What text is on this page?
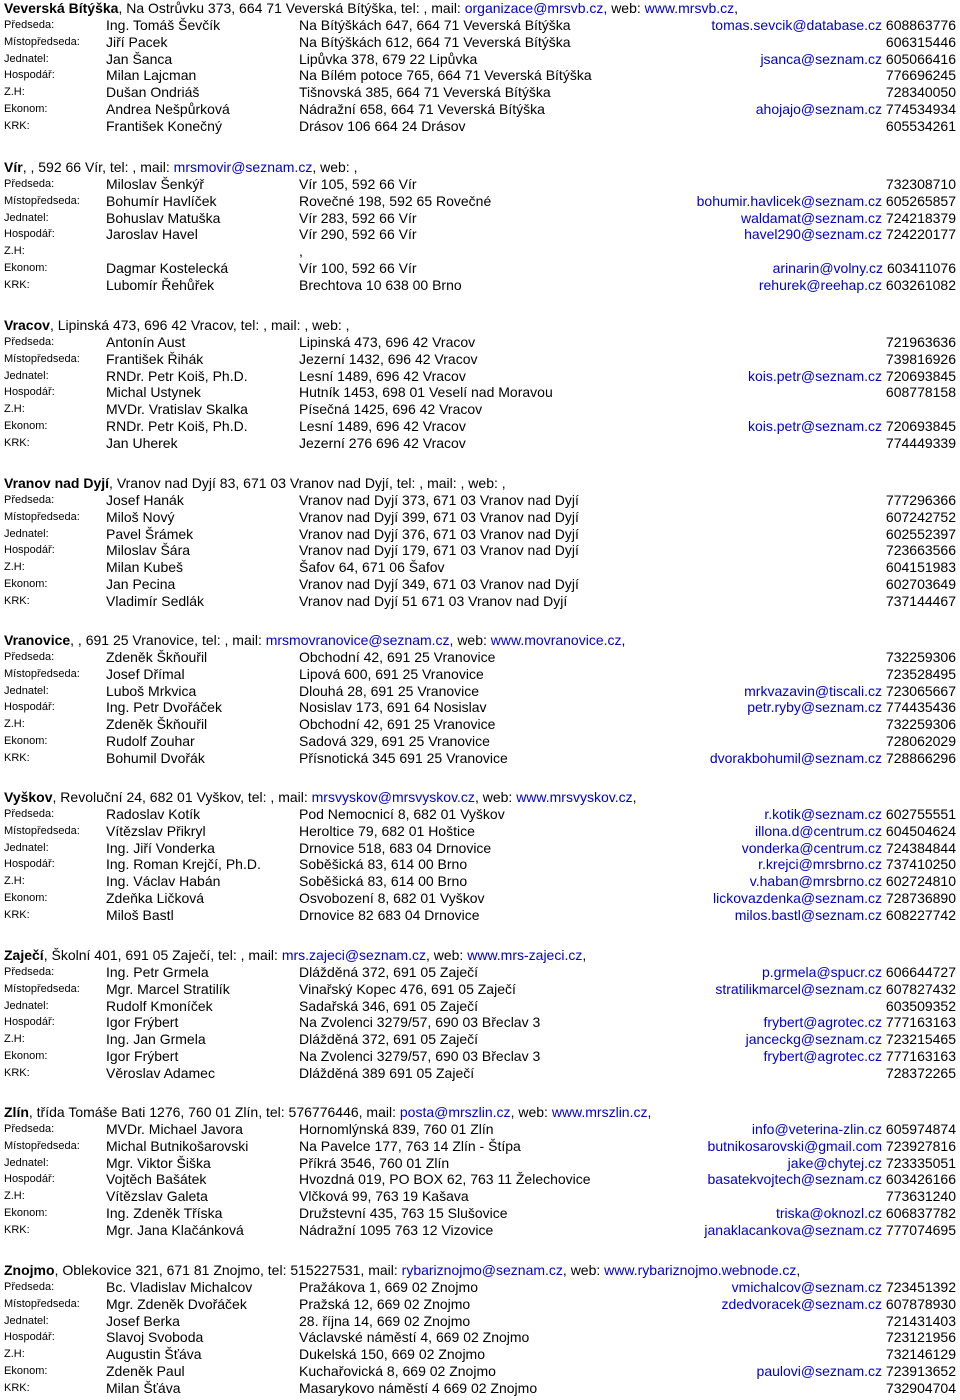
Veverská Bítýška, Na Ostrůvku 373, 664 71 Veverská Bítýška, tel: , mail: organizace@mrsvb.cz, web: www.mrsvb.cz,
Předseda:	Ing. Tomáš Ševčík	Na Bítýškách 647, 664 71 Veverská Bítýška	tomas.sevcik@database.cz 608863776
Místopředseda: Jiří Pacek	Na Bítýškách 612, 664 71 Veverská Bítýška	606315446
Jednatel:	Jan Šanca	Lipůvka 378, 679 22 Lipůvka	jsanca@seznam.cz 605066416
Hospodář:	Milan Lajcman	Na Bílém potoce 765, 664 71 Veverská Bítýška	776696245
Z.H:	Dušan Ondriáš	Tišnovská 385, 664 71 Veverská Bítýška	728340050
Ekonom:	Andrea Nešpůrková	Nádražní 658, 664 71 Veverská Bítýška	ahojajo@seznam.cz 774534934
KRK:	František Konečný	Drásov 106 664 24 Drásov	605534261
Vír, , 592 66 Vír, tel: , mail: mrsmovir@seznam.cz, web: ,
Předseda:	Miloslav Šenkýř	Vír 105, 592 66 Vír	732308710
Místopředseda: Bohumír Havlíček	Rovečné 198, 592 65 Rovečné	bohumir.havlicek@seznam.cz 605265857
Jednatel:	Bohuslav Matuška	Vír 283, 592 66 Vír	waldamat@seznam.cz 724218379
Hospodář:	Jaroslav Havel	Vír 290, 592 66 Vír	havel290@seznam.cz 724220177
Z.H:	,
Ekonom:	Dagmar Kostelecká	Vír 100, 592 66 Vír	arinarin@volny.cz 603411076
KRK:	Lubomír Řehůřek	Brechtova 10 638 00 Brno	rehurek@reehap.cz 603261082
Vracov, Lipinská 473, 696 42 Vracov, tel: , mail: , web: ,
Předseda:	Antonín Aust	Lipinská 473, 696 42 Vracov	721963636
Místopředseda: František Řihák	Jezerní 1432, 696 42 Vracov	739816926
Jednatel:	RNDr. Petr Koiš, Ph.D.	Lesní 1489, 696 42 Vracov	kois.petr@seznam.cz 720693845
Hospodář:	Michal Ustynek	Hutník 1453, 698 01 Veselí nad Moravou	608778158
Z.H:	MVDr. Vratislav Skalka	Písečná 1425, 696 42 Vracov
Ekonom:	RNDr. Petr Koiš, Ph.D.	Lesní 1489, 696 42 Vracov	kois.petr@seznam.cz 720693845
KRK:	Jan Uherek	Jezerní 276 696 42 Vracov	774449339
Vranov nad Dyjí, Vranov nad Dyjí 83, 671 03 Vranov nad Dyjí, tel: , mail: , web: ,
Předseda:	Josef Hanák	Vranov nad Dyjí 373, 671 03 Vranov nad Dyjí	777296366
Místopředseda: Miloš Nový	Vranov nad Dyjí 399, 671 03 Vranov nad Dyjí	607242752
Jednatel:	Pavel Šrámek	Vranov nad Dyjí 376, 671 03 Vranov nad Dyjí	602552397
Hospodář:	Miloslav Šára	Vranov nad Dyjí 179, 671 03 Vranov nad Dyjí	723663566
Z.H:	Milan Kubeš	Šafov 64, 671 06 Šafov	604151983
Ekonom:	Jan Pecina	Vranov nad Dyjí 349, 671 03 Vranov nad Dyjí	602703649
KRK:	Vladimír Sedlák	Vranov nad Dyjí 51 671 03 Vranov nad Dyjí	737144467
Vranovice, , 691 25 Vranovice, tel: , mail: mrsmovranovice@seznam.cz, web: www.movranovice.cz,
Předseda:	Zdeněk Škňouřil	Obchodní 42, 691 25 Vranovice	732259306
Místopředseda: Josef Dřímal	Lipová 600, 691 25 Vranovice	723528495
Jednatel:	Luboš Mrkvica	Dlouhá 28, 691 25 Vranovice	mrkvazavin@tiscali.cz 723065667
Hospodář:	Ing. Petr Dvořáček	Nosislav 173, 691 64 Nosislav	petr.ryby@seznam.cz 774435436
Z.H:	Zdeněk Škňouřil	Obchodní 42, 691 25 Vranovice	732259306
Ekonom:	Rudolf Zouhar	Sadová 329, 691 25 Vranovice	728062029
KRK:	Bohumil Dvořák	Přísnotická 345 691 25 Vranovice	dvorakbohumil@seznam.cz 728866296
Vyškov, Revoluční 24, 682 01 Vyškov, tel: , mail: mrsvyskov@mrsvyskov.cz, web: www.mrsvyskov.cz,
Předseda:	Radoslav Kotík	Pod Nemocnicí 8, 682 01 Vyškov	r.kotik@seznam.cz 602755551
Místopředseda: Vítězslav Přikryl	Heroltice 79, 682 01 Hoštice	illona.d@centrum.cz 604504624
Jednatel:	Ing. Jiří Vonderka	Drnovice 518, 683 04 Drnovice	vonderka@centrum.cz 724384844
Hospodář:	Ing. Roman Krejčí, Ph.D.	Soběšická 83, 614 00 Brno	r.krejci@mrsbrno.cz 737410250
Z.H:	Ing. Václav Habán	Soběšická 83, 614 00 Brno	v.haban@mrsbrno.cz 602724810
Ekonom:	Zdeňka Ličková	Osvobození 8, 682 01 Vyškov	lickovazdenka@seznam.cz 728736890
KRK:	Miloš Bastl	Drnovice 82 683 04 Drnovice	milos.bastl@seznam.cz 608227742
Zaječí, Školní 401, 691 05 Zaječí, tel: , mail: mrs.zajeci@seznam.cz, web: www.mrs-zajeci.cz,
Předseda:	Ing. Petr Grmela	Dlážděná 372, 691 05 Zaječí	p.grmela@spucr.cz 606644727
Místopředseda: Mgr. Marcel Stratilík	Vinařský Kopec 476, 691 05 Zaječí	stratilikmarcel@seznam.cz 607827432
Jednatel:	Rudolf Kmoníček	Sadařská 346, 691 05 Zaječí	603509352
Hospodář:	Igor Frýbert	Na Zvolenci 3279/57, 690 03 Břeclav 3	frybert@agrotec.cz 777163163
Z.H:	Ing. Jan Grmela	Dlážděná 372, 691 05 Zaječí	janceckg@seznam.cz 723215465
Ekonom:	Igor Frýbert	Na Zvolenci 3279/57, 690 03 Břeclav 3	frybert@agrotec.cz 777163163
KRK:	Věroslav Adamec	Dlážděná 389 691 05 Zaječí	728372265
Zlín, třída Tomáše Bati 1276, 760 01 Zlín, tel: 576776446, mail: posta@mrszlin.cz, web: www.mrszlin.cz,
Předseda:	MVDr. Michael Javora	Hornomlýnská 839, 760 01 Zlín	info@veterina-zlin.cz 605974874
Místopředseda: Michal Butnikošarovski	Na Pavelce 177, 763 14 Zlín - Štípa	butnikosarovski@gmail.com 723927816
Jednatel:	Mgr. Viktor Šiška	Příkrá 3546, 760 01 Zlín	jake@chytej.cz 723335051
Hospodář:	Vojtěch Bašátek	Hvozdná 019, PO BOX 62, 763 11 Želechovice	basatekvojtech@seznam.cz 603426166
Z.H:	Vítězslav Galeta	Vlčková 99, 763 19 Kašava	773631240
Ekonom:	Ing. Zdeněk Tříska	Družstevní 435, 763 15 Slušovice	triska@oknozl.cz 606837782
KRK:	Mgr. Jana Klačánková	Nádražní 1095 763 12 Vizovice	janaklacankova@seznam.cz 777074695
Znojmo, Oblekovice 321, 671 81 Znojmo, tel: 515227531, mail: rybariznojmo@seznam.cz, web: www.rybariznojmo.webnode.cz,
Předseda:	Bc. Vladislav Michalcov	Pražákova 1, 669 02 Znojmo	vmichalcov@seznam.cz 723451392
Místopředseda: Mgr. Zdeněk Dvořáček	Pražská 12, 669 02 Znojmo	zdedvoracek@seznam.cz 607878930
Jednatel:	Josef Berka	28. října 14, 669 02 Znojmo	721431403
Hospodář:	Slavoj Svoboda	Václavské náměstí 4, 669 02 Znojmo	723121956
Z.H:	Augustin Šťáva	Dukelská 150, 669 02 Znojmo	732146129
Ekonom:	Zdeněk Paul	Kuchařovická 8, 669 02 Znojmo	paulovi@seznam.cz 723913652
KRK:	Milan Šťáva	Masarykovo náměstí 4 669 02 Znojmo	732904704
